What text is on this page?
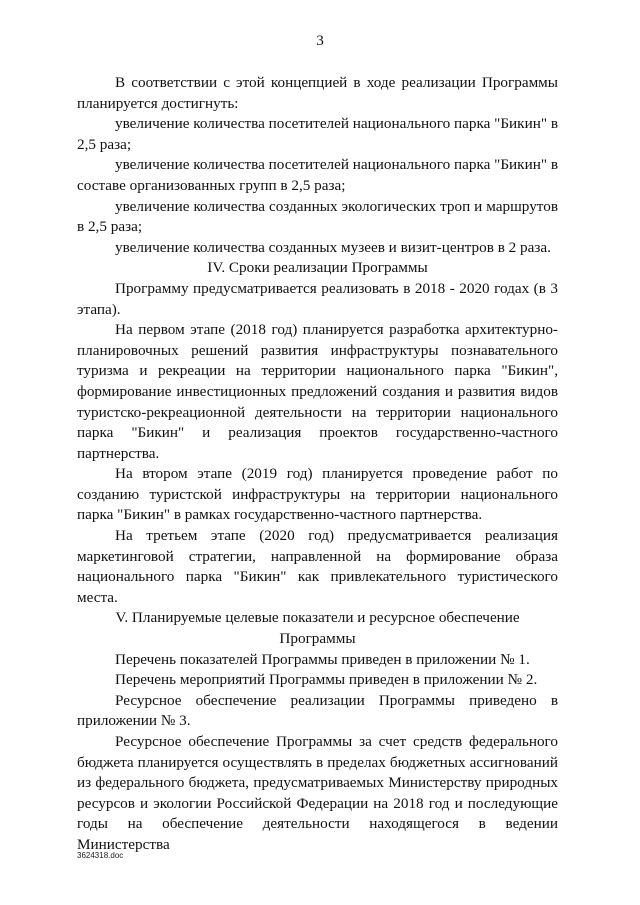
3

В соответствии с этой концепцией в ходе реализации Программы планируется достигнуть:

увеличение количества посетителей национального парка "Бикин" в 2,5 раза;

увеличение количества посетителей национального парка "Бикин" в составе организованных групп в 2,5 раза;

увеличение количества созданных экологических троп и маршрутов в 2,5 раза;

увеличение количества созданных музеев и визит-центров в 2 раза.

IV. Сроки реализации Программы

Программу предусматривается реализовать в 2018 - 2020 годах (в 3 этапа).

На первом этапе (2018 год) планируется разработка архитектурно-планировочных решений развития инфраструктуры познавательного туризма и рекреации на территории национального парка "Бикин", формирование инвестиционных предложений создания и развития видов туристско-рекреационной деятельности на территории национального парка "Бикин" и реализация проектов государственно-частного партнерства.

На втором этапе (2019 год) планируется проведение работ по созданию туристской инфраструктуры на территории национального парка "Бикин" в рамках государственно-частного партнерства.

На третьем этапе (2020 год) предусматривается реализация маркетинговой стратегии, направленной на формирование образа национального парка "Бикин" как привлекательного туристического места.

V. Планируемые целевые показатели и ресурсное обеспечение Программы

Перечень показателей Программы приведен в приложении № 1.

Перечень мероприятий Программы приведен в приложении № 2.

Ресурсное обеспечение реализации Программы приведено в приложении № 3.

Ресурсное обеспечение Программы за счет средств федерального бюджета планируется осуществлять в пределах бюджетных ассигнований из федерального бюджета, предусматриваемых Министерству природных ресурсов и экологии Российской Федерации на 2018 год и последующие годы на обеспечение деятельности находящегося в ведении Министерства

3624318.doc
